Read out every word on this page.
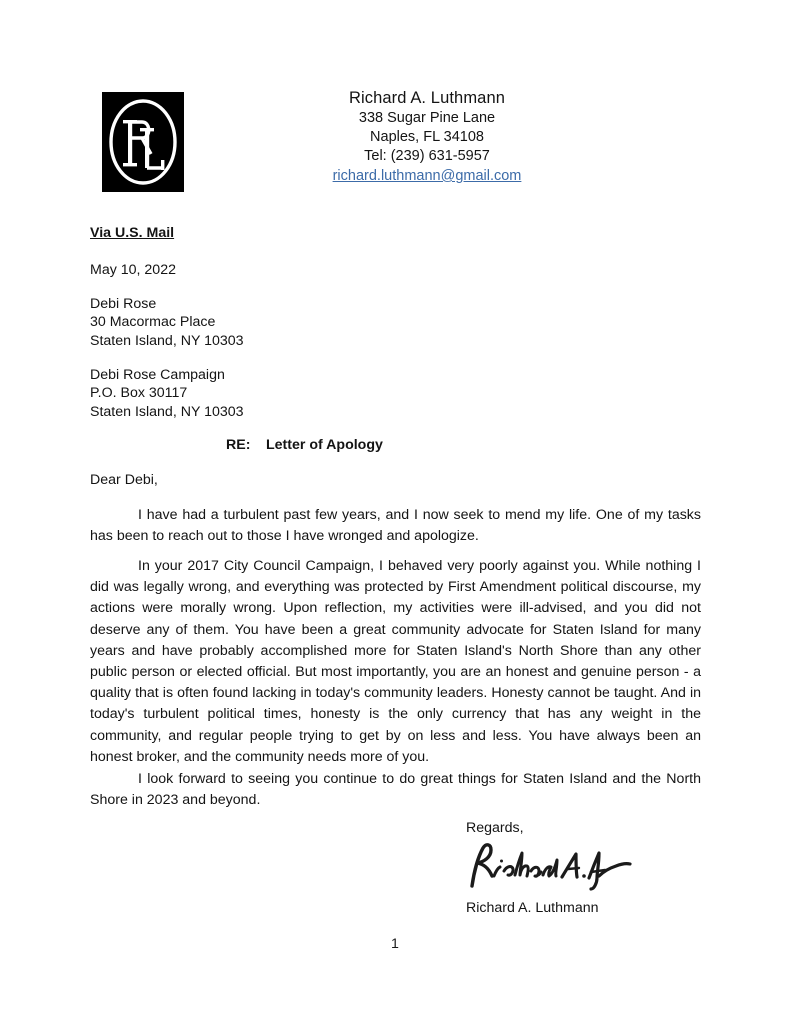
Richard A. Luthmann
338 Sugar Pine Lane
Naples, FL 34108
Tel: (239) 631-5957
richard.luthmann@gmail.com
Via U.S. Mail
May 10, 2022
Debi Rose
30 Macormac Place
Staten Island, NY 10303
Debi Rose Campaign
P.O. Box 30117
Staten Island, NY 10303
RE: Letter of Apology
Dear Debi,
I have had a turbulent past few years, and I now seek to mend my life. One of my tasks has been to reach out to those I have wronged and apologize.
In your 2017 City Council Campaign, I behaved very poorly against you. While nothing I did was legally wrong, and everything was protected by First Amendment political discourse, my actions were morally wrong. Upon reflection, my activities were ill-advised, and you did not deserve any of them. You have been a great community advocate for Staten Island for many years and have probably accomplished more for Staten Island's North Shore than any other public person or elected official. But most importantly, you are an honest and genuine person - a quality that is often found lacking in today's community leaders. Honesty cannot be taught. And in today's turbulent political times, honesty is the only currency that has any weight in the community, and regular people trying to get by on less and less. You have always been an honest broker, and the community needs more of you.
I look forward to seeing you continue to do great things for Staten Island and the North Shore in 2023 and beyond.
Regards,
Richard A. Luthmann
1
